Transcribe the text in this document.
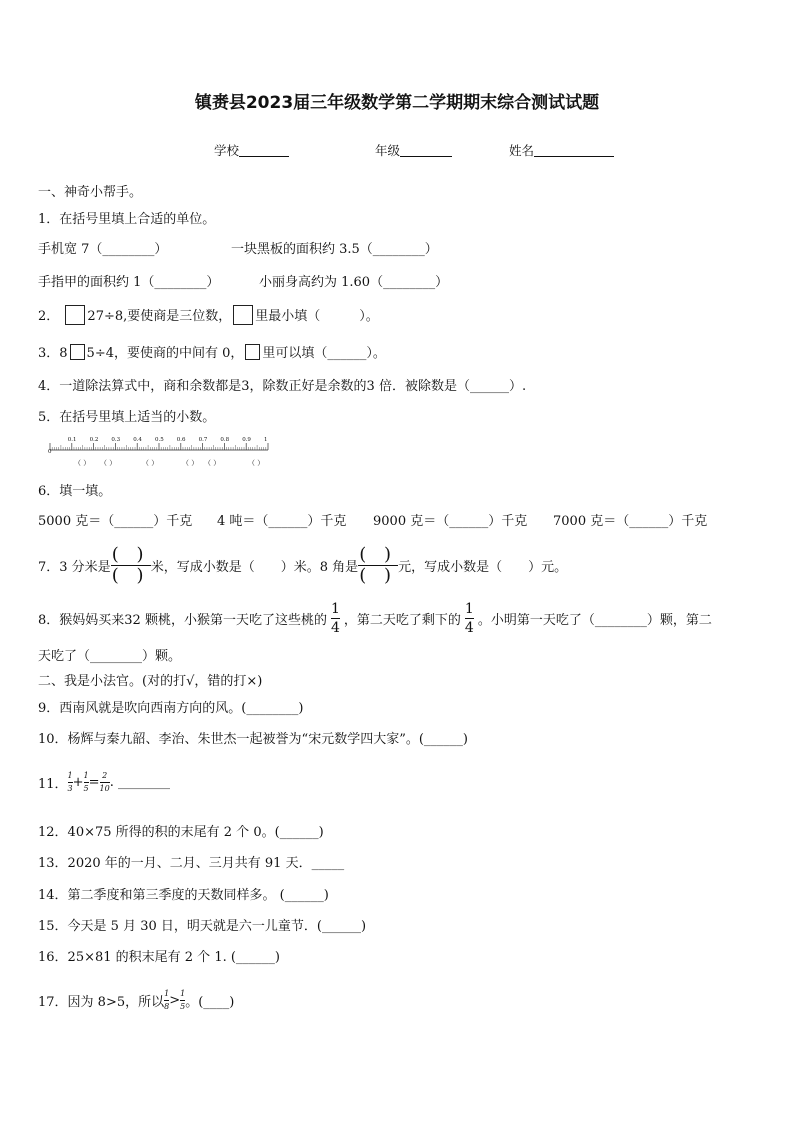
镇赉县2023届三年级数学第二学期期末综合测试试题
学校	年级	姓名
一、神奇小帮手。
1．在括号里填上合适的单位。
手机宽 7（________）	一块黑板的面积约 3.5（________）
手指甲的面积约 1（________）	小丽身高约为 1.60（________）
2． 27÷8,要使商是三位数， 里最小填（　　　）。
3．8 5÷4，要使商的中间有 0， 里可以填（______）。
4．一道除法算式中，商和余数都是3，除数正好是余数的3 倍．被除数是（______）.
5．在括号里填上适当的小数。
0
0.1 0.2 0.3 0.4 0.5 0.6 0.7 0.8 0.9 1
（ ） （ ）	（ ）	（ ） （ ）	（ ）
6．填一填。
5000 克＝（______）千克 4 吨＝（______）千克 9000 克＝（______）千克 7000 克＝（______）千克
7．3 分米是
( )
( ) 米，写成小数是（　　）米。8 角是
( )
( ) 元，写成小数是（　　）元。
8．猴妈妈买来32 颗桃，小猴第一天吃了这些桃的 $\frac{1}{4}$ ，第二天吃了剩下的 $\frac{1}{4}$ 。小明第一天吃了（________）颗，第二
天吃了（________）颗。
二、我是小法官。(对的打√，错的打×)
9．西南风就是吹向西南方向的风。(________)
10．杨辉与秦九韶、李治、朱世杰一起被誉为“宋元数学四大家”。(______)
11． $\frac{1}{3} + \frac{1}{5} = \frac{2}{10}$ . ________
12．40×75 所得的积的末尾有 2 个 0。(______)
13．2020 年的一月、二月、三月共有 91 天．_____
14．第二季度和第三季度的天数同样多。 (______)
15．今天是 5 月 30 日，明天就是六一儿童节．(______)
16．25×81 的积末尾有 2 个 1. (______)
17．因为 8>5，所以 $\frac{1}{8} > \frac{1}{5}$ 。(____)
